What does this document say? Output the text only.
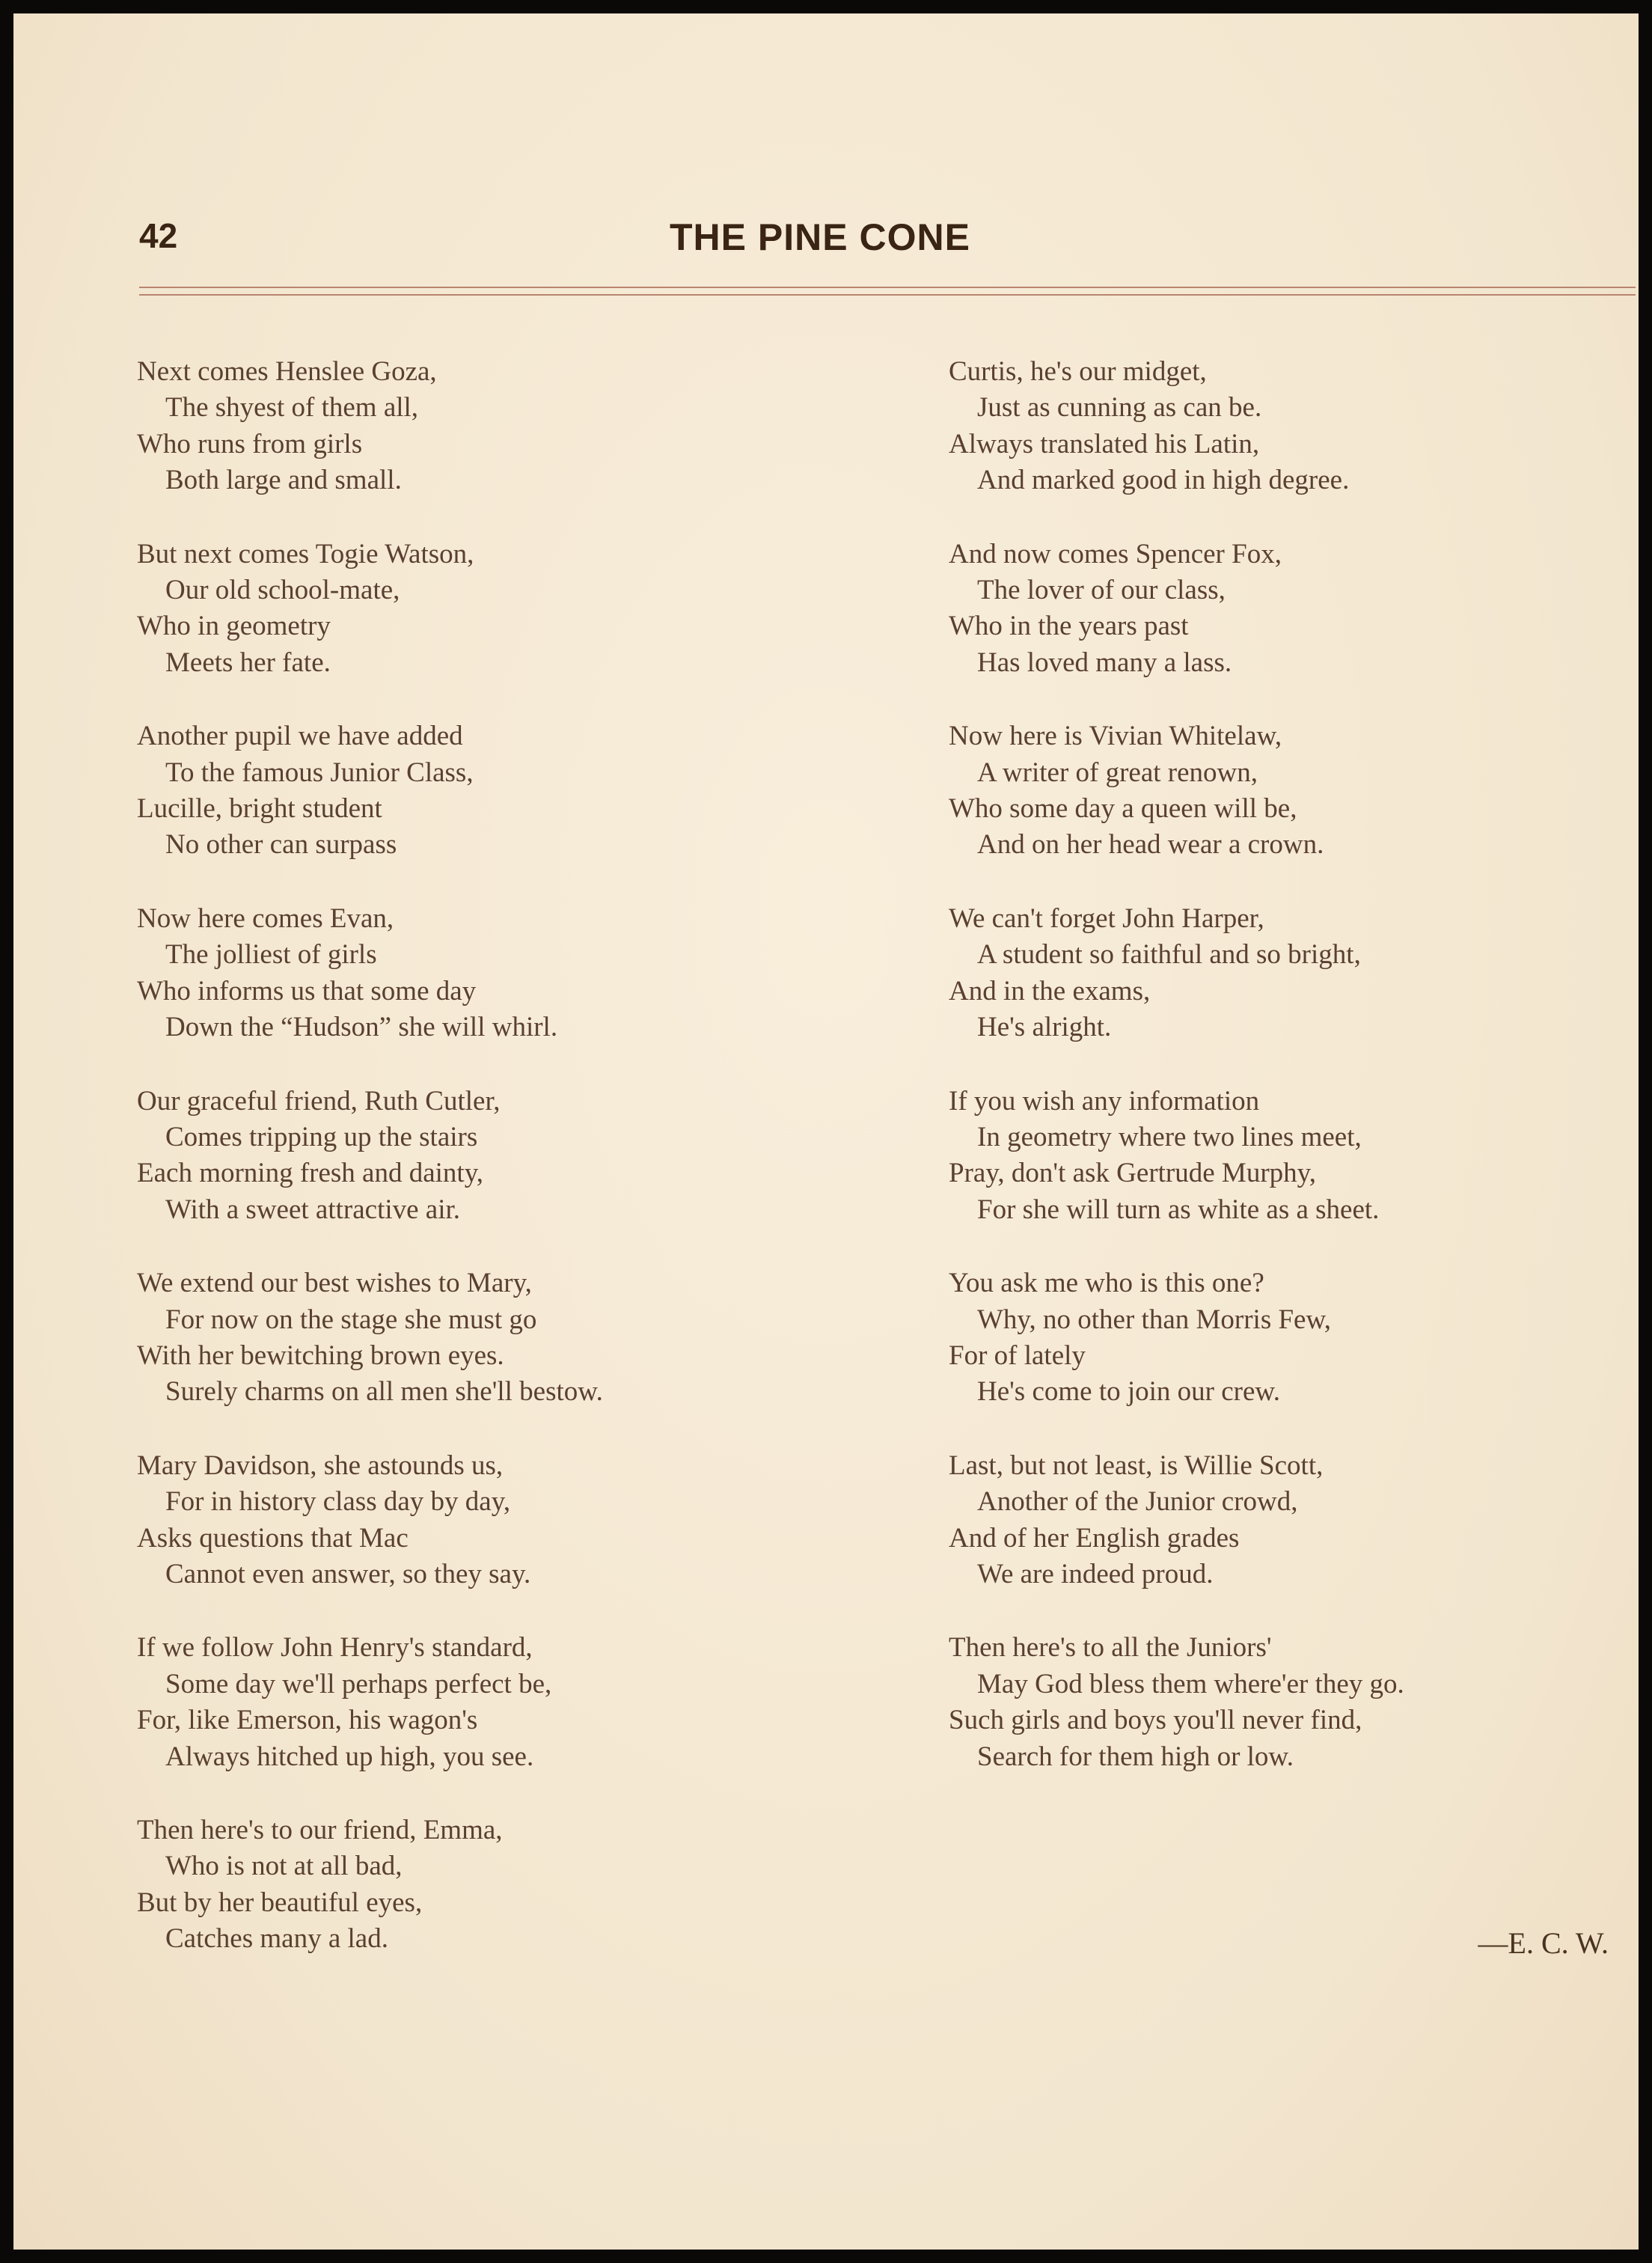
42	THE PINE CONE
Next comes Henslee Goza,
The shyest of them all,
Who runs from girls
Both large and small.
But next comes Togie Watson,
Our old school-mate,
Who in geometry
Meets her fate.
Another pupil we have added
To the famous Junior Class,
Lucille, bright student
No other can surpass
Now here comes Evan,
The jolliest of girls
Who informs us that some day
Down the “Hudson” she will whirl.
Our graceful friend, Ruth Cutler,
Comes tripping up the stairs
Each morning fresh and dainty,
With a sweet attractive air.
We extend our best wishes to Mary,
For now on the stage she must go
With her bewitching brown eyes.
Surely charms on all men she'll bestow.
Mary Davidson, she astounds us,
For in history class day by day,
Asks questions that Mac
Cannot even answer, so they say.
If we follow John Henry's standard,
Some day we'll perhaps perfect be,
For, like Emerson, his wagon's
Always hitched up high, you see.
Then here's to our friend, Emma,
Who is not at all bad,
But by her beautiful eyes,
Catches many a lad.
Curtis, he's our midget,
Just as cunning as can be.
Always translated his Latin,
And marked good in high degree.
And now comes Spencer Fox,
The lover of our class,
Who in the years past
Has loved many a lass.
Now here is Vivian Whitelaw,
A writer of great renown,
Who some day a queen will be,
And on her head wear a crown.
We can't forget John Harper,
A student so faithful and so bright,
And in the exams,
He's alright.
If you wish any information
In geometry where two lines meet,
Pray, don't ask Gertrude Murphy,
For she will turn as white as a sheet.
You ask me who is this one?
Why, no other than Morris Few,
For of lately
He's come to join our crew.
Last, but not least, is Willie Scott,
Another of the Junior crowd,
And of her English grades
We are indeed proud.
Then here's to all the Juniors'
May God bless them where'er they go.
Such girls and boys you'll never find,
Search for them high or low.
—E. C. W.
